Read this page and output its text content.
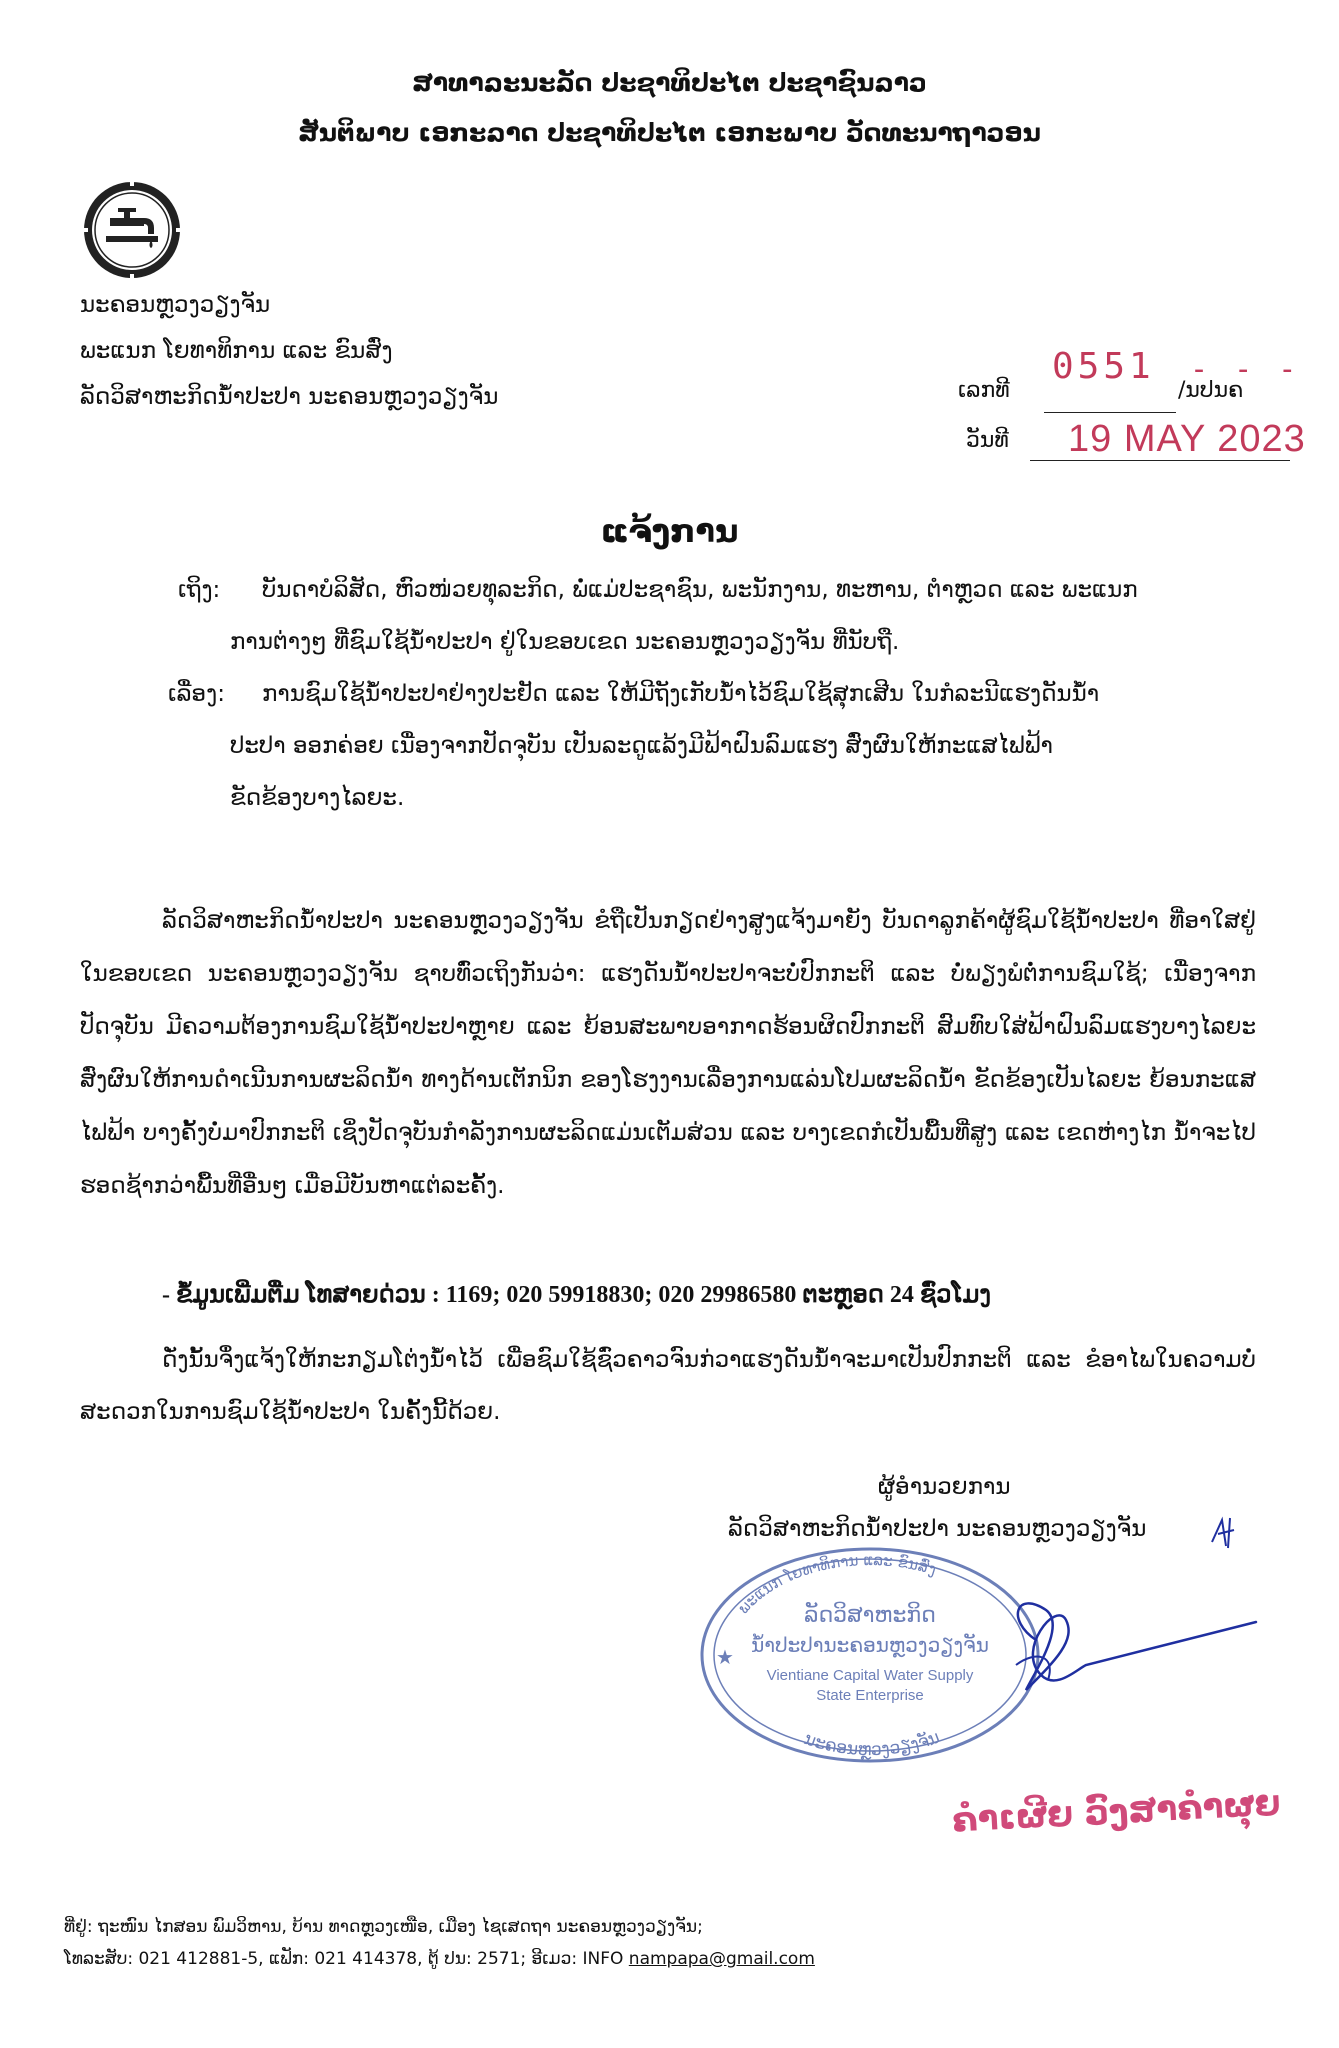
ສາທາລະນະລັດ ປະຊາທິປະໄຕ ປະຊາຊົນລາວ
ສັນຕິພາບ ເອກະລາດ ປະຊາທິປະໄຕ ເອກະພາບ ວັດທະນາຖາວອນ
ນະຄອນຫຼວງວຽງຈັນ
ພະແນກ ໂຍທາທິການ ແລະ ຂົນສົ່ງ
ລັດວິສາຫະກິດນ້ຳປະປາ ນະຄອນຫຼວງວຽງຈັນ	ເລກທີ	/ນປນຄ
0551 - - -
ວັນທີ 19 MAY 2023
ແຈ້ງການ
ເຖິງ: ບັນດາບໍລິສັດ, ຫົວໜ່ວຍທຸລະກິດ, ພໍ່ແມ່ປະຊາຊົນ, ພະນັກງານ, ທະຫານ, ຕຳຫຼວດ ແລະ ພະແນກ
ການຕ່າງໆ ທີ່ຊົມໃຊ້ນ້ຳປະປາ ຢູ່ໃນຂອບເຂດ ນະຄອນຫຼວງວຽງຈັນ ທີ່ນັບຖື.
ເລື່ອງ: ການຊົມໃຊ້ນ້ຳປະປາຢ່າງປະຢັດ ແລະ ໃຫ້ມີຖັງເກັບນ້ຳໄວ້ຊົມໃຊ້ສຸກເສີນ ໃນກໍລະນີແຮງດັນນ້ຳ
ປະປາ ອອກຄ່ອຍ ເນື່ອງຈາກປັດຈຸບັນ ເປັນລະດູແລ້ງມີຟ້າຝົນລົມແຮງ ສົ່ງຜົນໃຫ້ກະແສໄຟຟ້າ
ຂັດຂ້ອງບາງໄລຍະ.
ລັດວິສາຫະກິດນ້ຳປະປາ ນະຄອນຫຼວງວຽງຈັນ ຂໍຖືເປັນກຽດຢ່າງສູງແຈ້ງມາຍັງ ບັນດາລູກຄ້າຜູ້ຊົມໃຊ້ນ້ຳປະປາ ທີ່ອາໃສຢູ່ ໃນຂອບເຂດ ນະຄອນຫຼວງວຽງຈັນ ຊາບທົ່ວເຖິງກັນວ່າ: ແຮງດັນນ້ຳປະປາຈະບໍ່ປົກກະຕິ ແລະ ບໍ່ພຽງພໍຕໍ່ການຊົມໃຊ້; ເນື່ອງຈາກປັດຈຸບັນ ມີຄວາມຕ້ອງການຊົມໃຊ້ນ້ຳປະປາຫຼາຍ ແລະ ຍ້ອນສະພາບອາກາດຮ້ອນຜິດປົກກະຕິ ສົມທົບໃສ່ຟ້າຝົນລົມແຮງບາງໄລຍະ ສົ່ງຜົນໃຫ້ການດຳເນີນການຜະລິດນ້ຳ ທາງດ້ານເຕັກນິກ ຂອງໂຮງງານເລື່ອງການແລ່ນໂປມຜະລິດນ້ຳ ຂັດຂ້ອງເປັນໄລຍະ ຍ້ອນກະແສໄຟຟ້າ ບາງຄັ້ງບໍ່ມາປົກກະຕິ ເຊິ່ງປັດຈຸບັນກຳລັງການຜະລິດແມ່ນເຕັມສ່ວນ ແລະ ບາງເຂດກໍເປັນພື້ນທີ່ສູງ ແລະ ເຂດຫ່າງໄກ ນ້ຳຈະໄປຮອດຊ້າກວ່າພື້ນທີ່ອື່ນໆ ເມື່ອມີບັນຫາແຕ່ລະຄັ້ງ.
- ຂໍ້ມູນເພີ່ມຕື່ມ ໂທສາຍດ່ວນ : 1169; 020 59918830; 020 29986580 ຕະຫຼອດ 24 ຊົ່ວໂມງ
ດັ່ງນັ້ນຈຶ່ງແຈ້ງໃຫ້ກະກຽມໂຕ່ງນ້ຳໄວ້ ເພື່ອຊົມໃຊ້ຊົ່ວຄາວຈົນກ່ວາແຮງດັນນ້ຳຈະມາເປັນປົກກະຕິ ແລະ ຂໍອາໄພໃນຄວາມບໍ່ສະດວກໃນການຊົມໃຊ້ນ້ຳປະປາ ໃນຄັ້ງນີ້ດ້ວຍ.
ຜູ້ອຳນວຍການ
ລັດວິສາຫະກິດນ້ຳປະປາ ນະຄອນຫຼວງວຽງຈັນ
ພະແນກ ໂຍທາທິການ ແລະ ຂົນສົ່ງ
ລັດວິສາຫະກິດ
ນ້ຳປະປານະຄອນຫຼວງວຽງຈັນ
Vientiane Capital Water Supply
State Enterprise
ນະຄອນຫຼວງວຽງຈັນ
★
ຄຳເຜີຍ ວົງສາຄຳຜຸຍ
ທີ່ຢູ່: ຖະໜົນ ໄກສອນ ພົມວິຫານ, ບ້ານ ທາດຫຼວງເໜືອ, ເມືອງ ໄຊເສດຖາ ນະຄອນຫຼວງວຽງຈັນ;
ໂທລະສັບ: 021 412881-5, ແຟັກ: 021 414378, ຕູ້ ປນ: 2571; ອີເມວ: INFO nampapa@gmail.com
